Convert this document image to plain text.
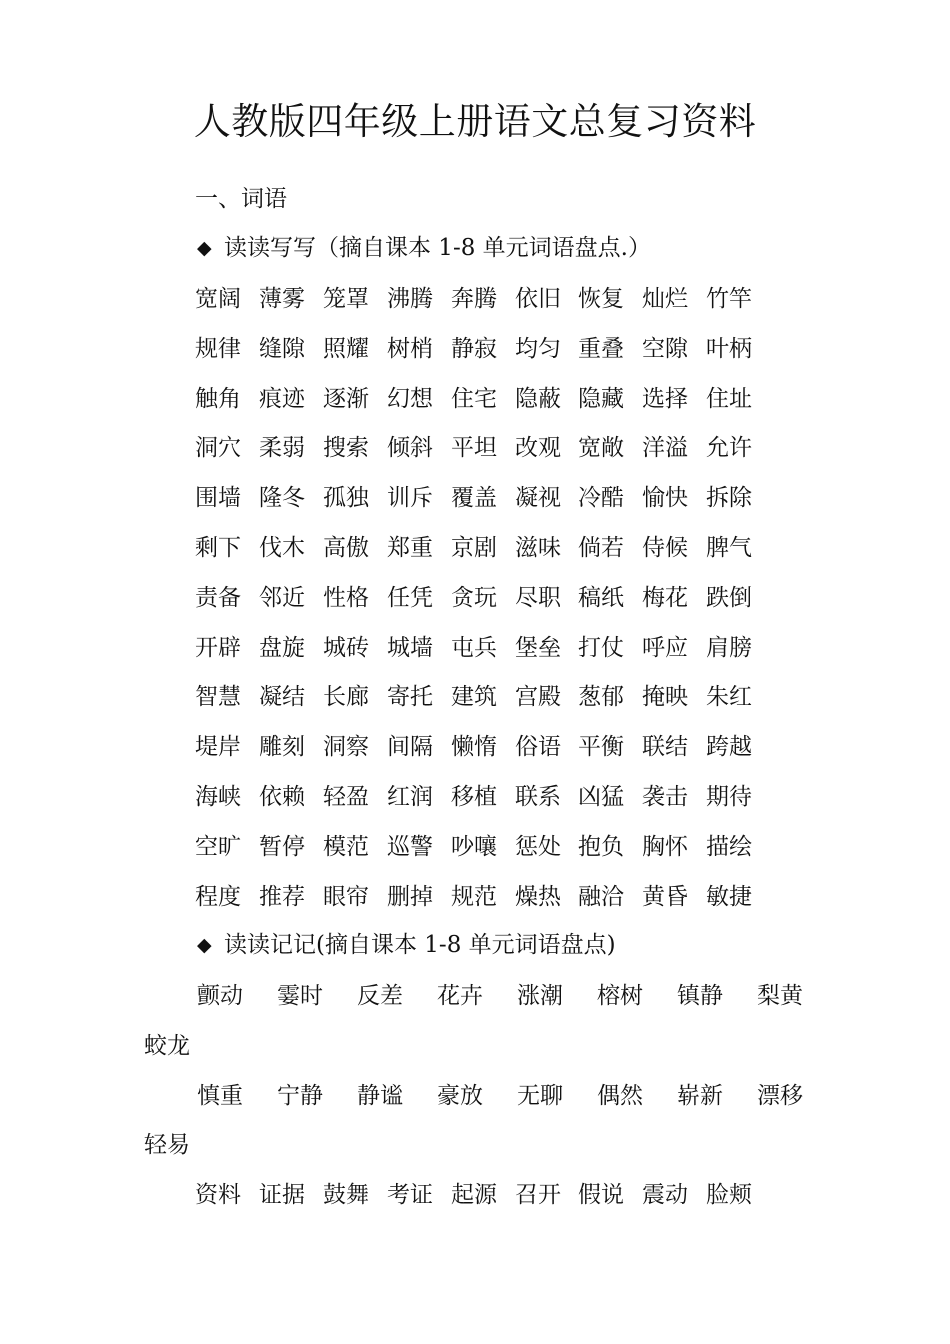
人教版四年级上册语文总复习资料
一、词语
◆ 读读写写（摘自课本 1-8 单元词语盘点.）
宽阔 薄雾 笼罩 沸腾 奔腾 依旧 恢复 灿烂 竹竿
规律 缝隙 照耀 树梢 静寂 均匀 重叠 空隙 叶柄
触角 痕迹 逐渐 幻想 住宅 隐蔽 隐藏 选择 住址
洞穴 柔弱 搜索 倾斜 平坦 改观 宽敞 洋溢 允许
围墙 隆冬 孤独 训斥 覆盖 凝视 冷酷 愉快 拆除
剩下 伐木 高傲 郑重 京剧 滋味 倘若 侍候 脾气
责备 邻近 性格 任凭 贪玩 尽职 稿纸 梅花 跌倒
开辟 盘旋 城砖 城墙 屯兵 堡垒 打仗 呼应 肩膀
智慧 凝结 长廊 寄托 建筑 宫殿 葱郁 掩映 朱红
堤岸 雕刻 洞察 间隔 懒惰 俗语 平衡 联结 跨越
海峡 依赖 轻盈 红润 移植 联系 凶猛 袭击 期待
空旷 暂停 模范 巡警 吵嚷 惩处 抱负 胸怀 描绘
程度 推荐 眼帘 删掉 规范 燥热 融洽 黄昏 敏捷
◆ 读读记记(摘自课本 1-8 单元词语盘点)
颤动 霎时 反差 花卉 涨潮 榕树 镇静 梨黄
蛟龙
慎重 宁静 静谧 豪放 无聊 偶然 崭新 漂移
轻易
资料 证据 鼓舞 考证 起源 召开 假说 震动 脸颊
